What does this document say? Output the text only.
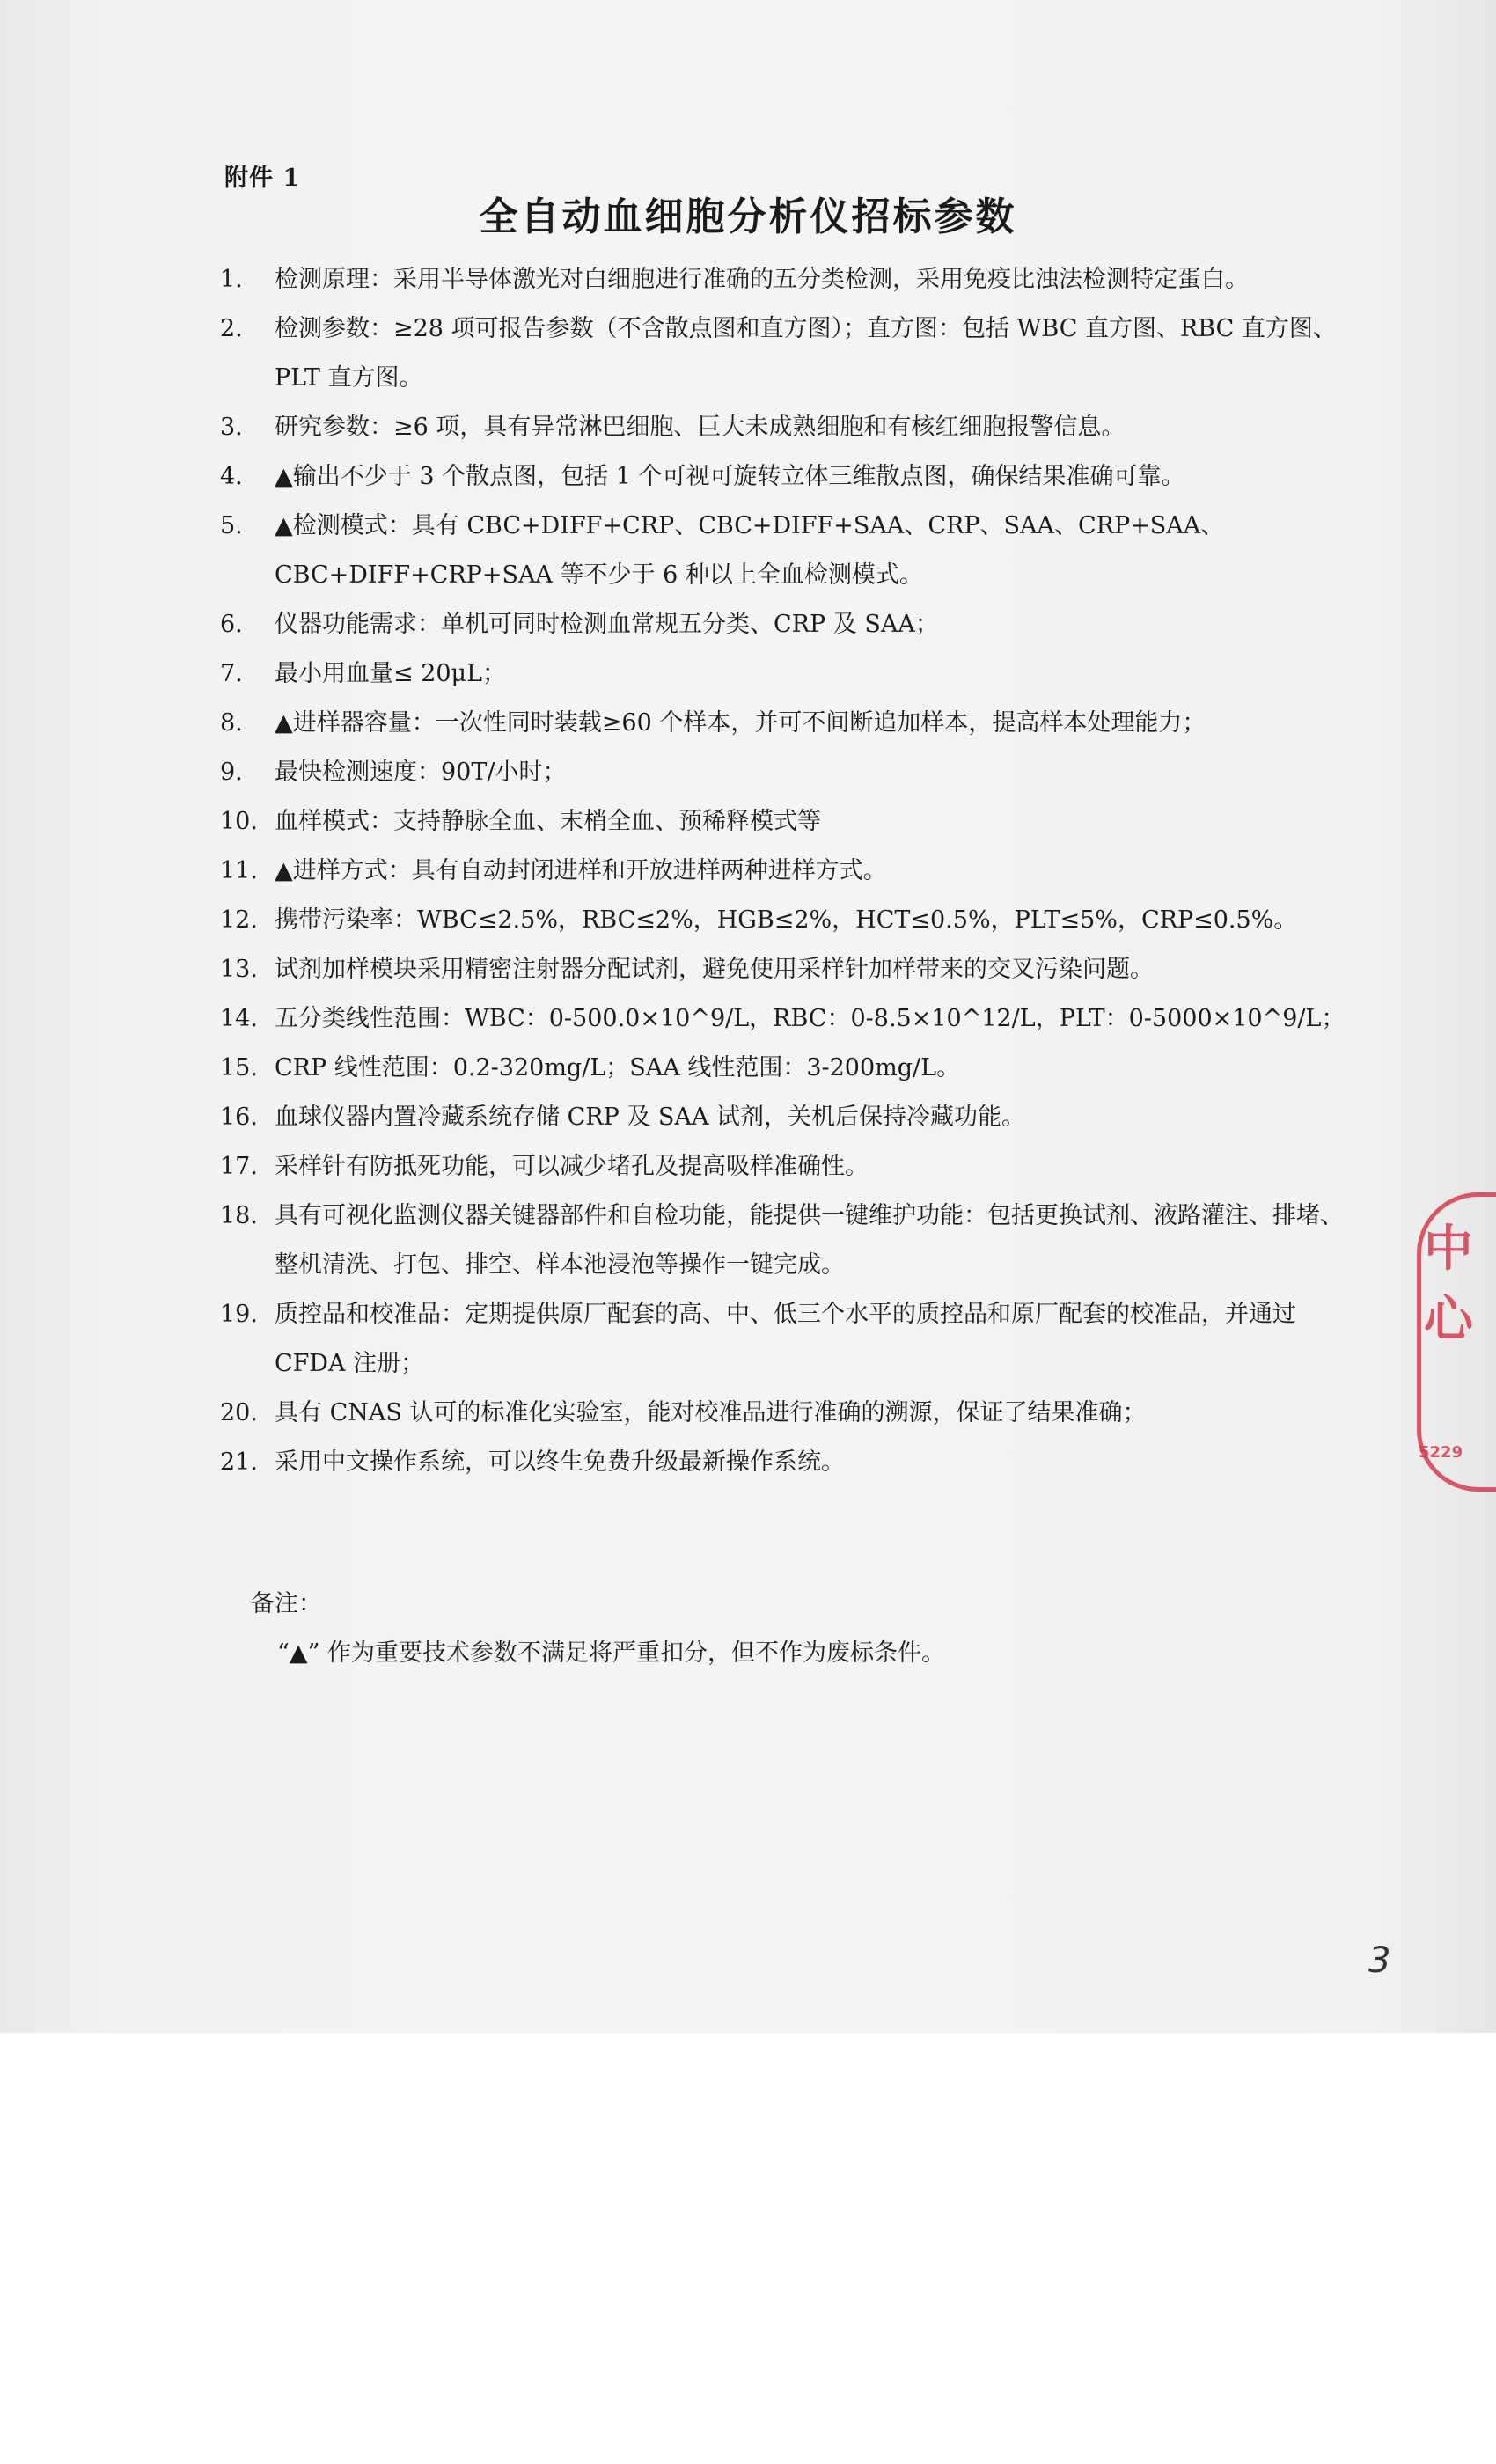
附件 1
全自动血细胞分析仪招标参数
1.	检测原理：采用半导体激光对白细胞进行准确的五分类检测，采用免疫比浊法检测特定蛋白。
2.	检测参数：≥28 项可报告参数（不含散点图和直方图）；直方图：包括 WBC 直方图、RBC 直方图、PLT 直方图。
3.	研究参数：≥6 项，具有异常淋巴细胞、巨大未成熟细胞和有核红细胞报警信息。
4.	▲输出不少于 3 个散点图，包括 1 个可视可旋转立体三维散点图，确保结果准确可靠。
5.	▲检测模式：具有 CBC+DIFF+CRP、CBC+DIFF+SAA、CRP、SAA、CRP+SAA、CBC+DIFF+CRP+SAA 等不少于 6 种以上全血检测模式。
6.	仪器功能需求：单机可同时检测血常规五分类、CRP 及 SAA；
7.	最小用血量≤ 20μL；
8.	▲进样器容量：一次性同时装载≥60 个样本，并可不间断追加样本，提高样本处理能力；
9.	最快检测速度：90T/小时；
10. 血样模式：支持静脉全血、末梢全血、预稀释模式等
11. ▲进样方式：具有自动封闭进样和开放进样两种进样方式。
12. 携带污染率：WBC≤2.5%，RBC≤2%，HGB≤2%，HCT≤0.5%，PLT≤5%，CRP≤0.5%。
13. 试剂加样模块采用精密注射器分配试剂，避免使用采样针加样带来的交叉污染问题。
14. 五分类线性范围：WBC：0-500.0×10^9/L，RBC：0-8.5×10^12/L，PLT：0-5000×10^9/L；
15. CRP 线性范围：0.2-320mg/L；SAA 线性范围：3-200mg/L。
16. 血球仪器内置冷藏系统存储 CRP 及 SAA 试剂，关机后保持冷藏功能。
17. 采样针有防抵死功能，可以减少堵孔及提高吸样准确性。
18. 具有可视化监测仪器关键器部件和自检功能，能提供一键维护功能：包括更换试剂、液路灌注、排堵、整机清洗、打包、排空、样本池浸泡等操作一键完成。
19. 质控品和校准品：定期提供原厂配套的高、中、低三个水平的质控品和原厂配套的校准品，并通过 CFDA 注册；
20. 具有 CNAS 认可的标准化实验室，能对校准品进行准确的溯源，保证了结果准确；
21. 采用中文操作系统，可以终生免费升级最新操作系统。
备注：
“▲” 作为重要技术参数不满足将严重扣分，但不作为废标条件。
中心
5229
3
